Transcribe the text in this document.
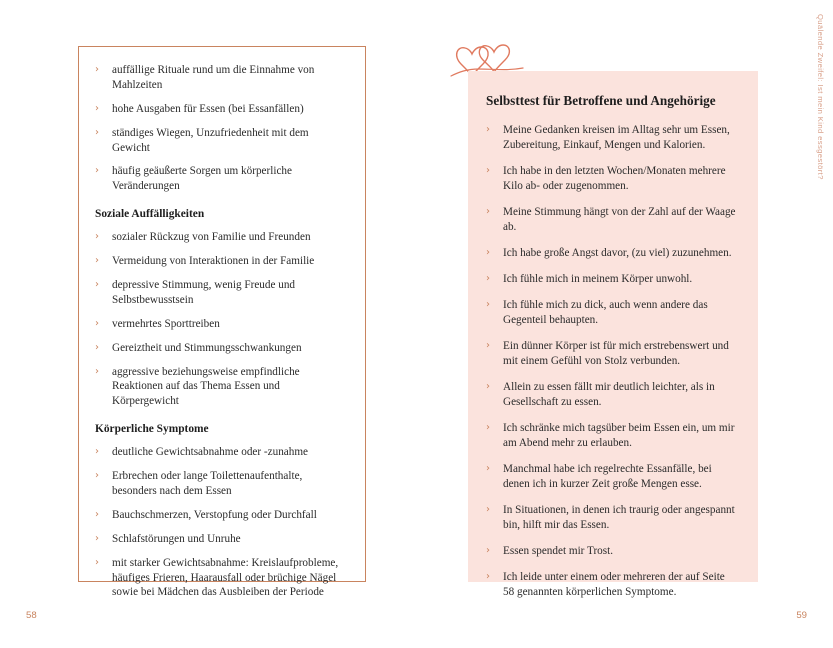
› auffällige Rituale rund um die Einnahme von Mahlzeiten
› hohe Ausgaben für Essen (bei Essanfällen)
› ständiges Wiegen, Unzufriedenheit mit dem Gewicht
› häufig geäußerte Sorgen um körperliche Veränderungen
Soziale Auffälligkeiten
› sozialer Rückzug von Familie und Freunden
› Vermeidung von Interaktionen in der Familie
› depressive Stimmung, wenig Freude und Selbstbewusstsein
› vermehrtes Sporttreiben
› Gereiztheit und Stimmungsschwankungen
› aggressive beziehungsweise empfindliche Reaktionen auf das Thema Essen und Körpergewicht
Körperliche Symptome
› deutliche Gewichtsabnahme oder -zunahme
› Erbrechen oder lange Toilettenaufenthalte, besonders nach dem Essen
› Bauchschmerzen, Verstopfung oder Durchfall
› Schlafstörungen und Unruhe
› mit starker Gewichtsabnahme: Kreislaufprobleme, häufiges Frieren, Haarausfall oder brüchige Nägel sowie bei Mädchen das Ausbleiben der Periode
58
Selbsttest für Betroffene und Angehörige
› Meine Gedanken kreisen im Alltag sehr um Essen, Zubereitung, Einkauf, Mengen und Kalorien.
› Ich habe in den letzten Wochen/Monaten mehrere Kilo ab- oder zugenommen.
› Meine Stimmung hängt von der Zahl auf der Waage ab.
› Ich habe große Angst davor, (zu viel) zuzunehmen.
› Ich fühle mich in meinem Körper unwohl.
› Ich fühle mich zu dick, auch wenn andere das Gegenteil behaupten.
› Ein dünner Körper ist für mich erstrebenswert und mit einem Gefühl von Stolz verbunden.
› Allein zu essen fällt mir deutlich leichter, als in Gesellschaft zu essen.
› Ich schränke mich tagsüber beim Essen ein, um mir am Abend mehr zu erlauben.
› Manchmal habe ich regelrechte Essanfälle, bei denen ich in kurzer Zeit große Mengen esse.
› In Situationen, in denen ich traurig oder angespannt bin, hilft mir das Essen.
› Essen spendet mir Trost.
› Ich leide unter einem oder mehreren der auf Seite 58 genannten körperlichen Symptome.
Quälende Zweifel: Ist mein Kind essgestört?
59
